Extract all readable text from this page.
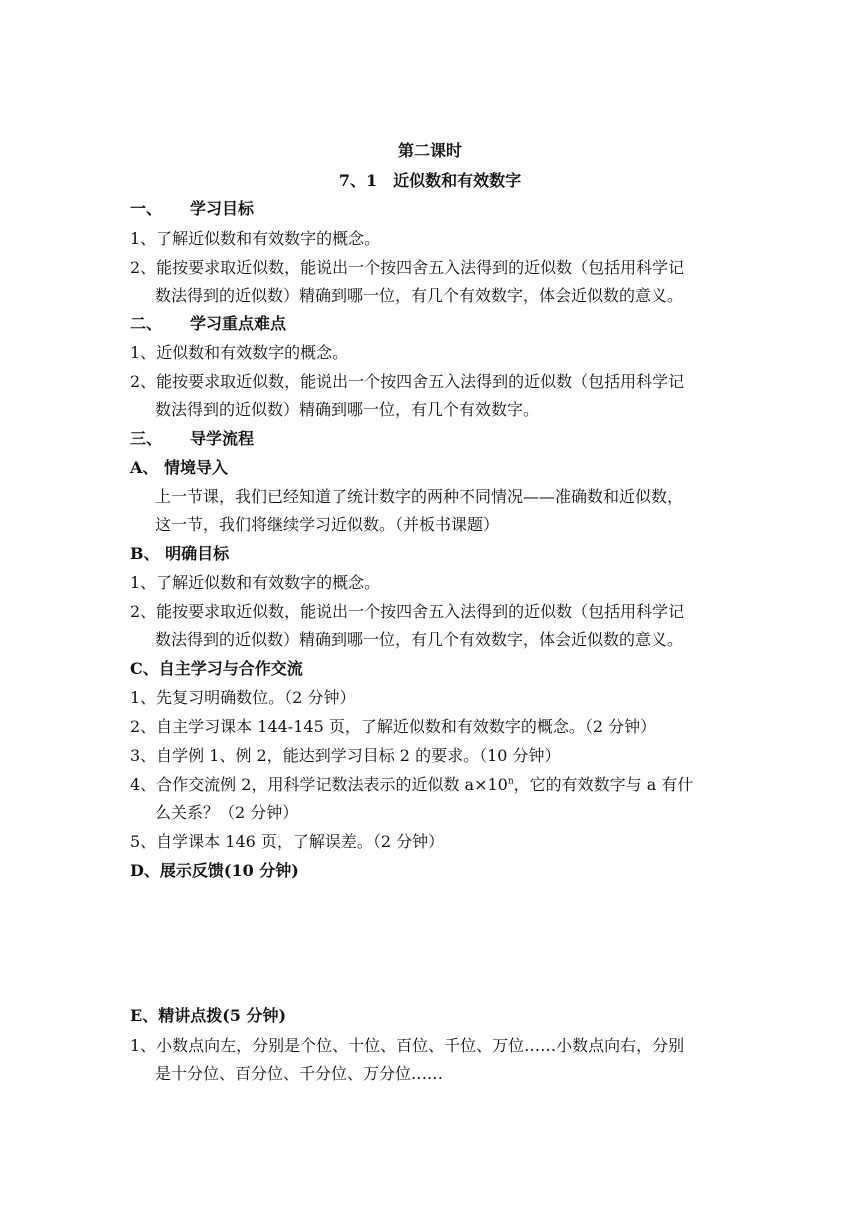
第二课时
7、1　近似数和有效数字
一、 学习目标
1、了解近似数和有效数字的概念。
2、能按要求取近似数，能说出一个按四舍五入法得到的近似数（包括用科学记
数法得到的近似数）精确到哪一位，有几个有效数字，体会近似数的意义。
二、 学习重点难点
1、近似数和有效数字的概念。
2、能按要求取近似数，能说出一个按四舍五入法得到的近似数（包括用科学记
数法得到的近似数）精确到哪一位，有几个有效数字。
三、 导学流程
A、 情境导入
上一节课，我们已经知道了统计数字的两种不同情况——准确数和近似数，
这一节，我们将继续学习近似数。（并板书课题）
B、 明确目标
1、了解近似数和有效数字的概念。
2、能按要求取近似数，能说出一个按四舍五入法得到的近似数（包括用科学记
数法得到的近似数）精确到哪一位，有几个有效数字，体会近似数的意义。
C、自主学习与合作交流
1、先复习明确数位。（2 分钟）
2、自主学习课本 144-145 页，了解近似数和有效数字的概念。（2 分钟）
3、自学例 1、例 2，能达到学习目标 2 的要求。（10 分钟）
4、合作交流例 2，用科学记数法表示的近似数 $a\times 10^n$，它的有效数字与 a 有什
么关系？（2 分钟）
5、自学课本 146 页，了解误差。（2 分钟）
D、展示反馈(10 分钟)
E、精讲点拨(5 分钟)
1、小数点向左，分别是个位、十位、百位、千位、万位……小数点向右，分别
是十分位、百分位、千分位、万分位……
